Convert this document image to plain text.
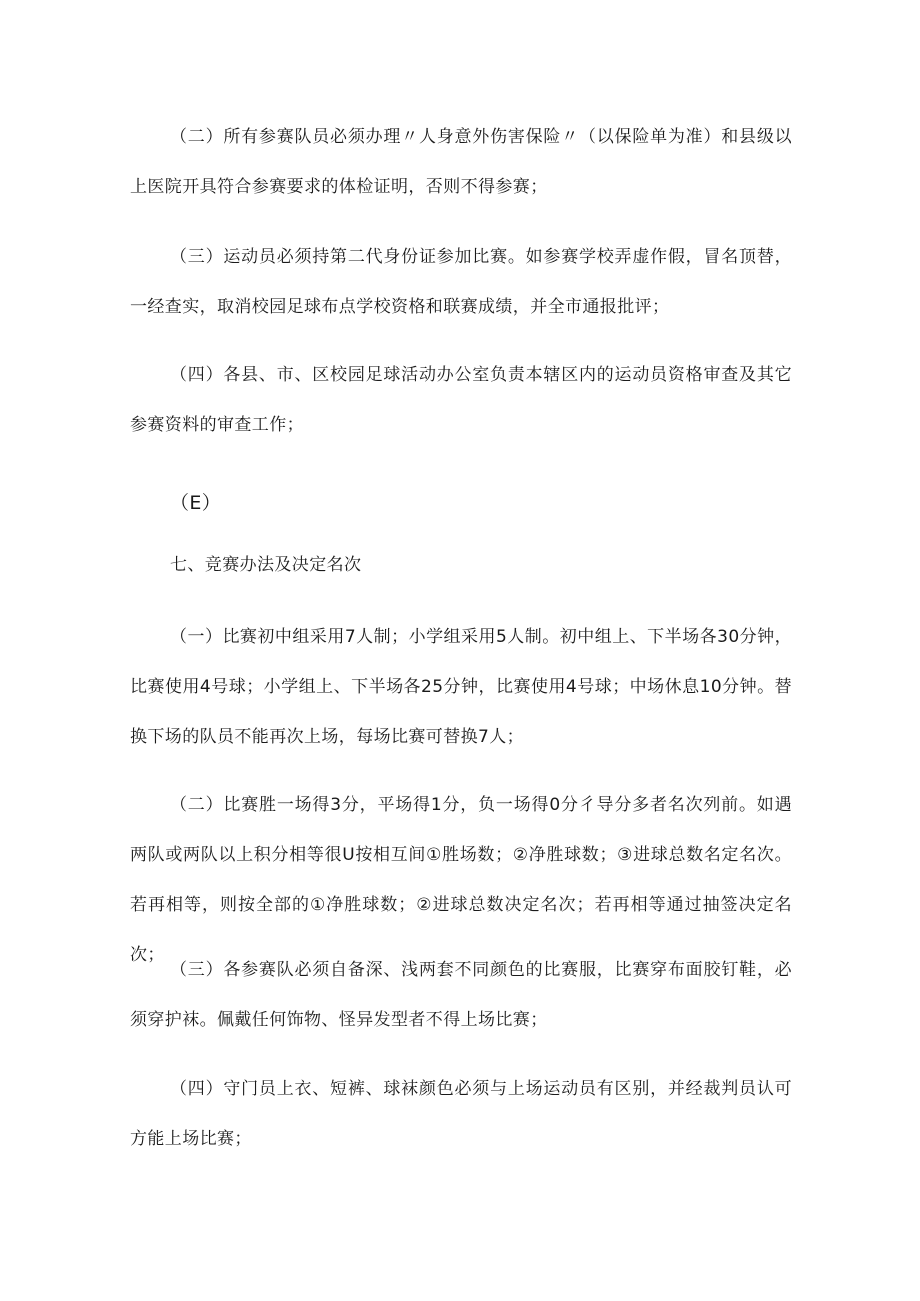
（二）所有参赛队员必须办理〃人身意外伤害保险〃（以保险单为准）和县级以上医院开具符合参赛要求的体检证明，否则不得参赛；

（三）运动员必须持第二代身份证参加比赛。如参赛学校弄虚作假，冒名顶替，一经查实，取消校园足球布点学校资格和联赛成绩，并全市通报批评；

（四）各县、市、区校园足球活动办公室负责本辖区内的运动员资格审查及其它参赛资料的审查工作；

（E）

七、竞赛办法及决定名次

（一）比赛初中组采用7人制；小学组采用5人制。初中组上、下半场各30分钟，比赛使用4号球；小学组上、下半场各25分钟，比赛使用4号球；中场休息10分钟。替换下场的队员不能再次上场，每场比赛可替换7人；

（二）比赛胜一场得3分，平场得1分，负一场得0分彳导分多者名次列前。如遇两队或两队以上积分相等很U按相互间①胜场数；②净胜球数；③进球总数名定名次。若再相等，则按全部的①净胜球数；②进球总数决定名次；若再相等通过抽签决定名次；

（三）各参赛队必须自备深、浅两套不同颜色的比赛服，比赛穿布面胶钉鞋，必须穿护袜。佩戴任何饰物、怪异发型者不得上场比赛；

（四）守门员上衣、短裤、球袜颜色必须与上场运动员有区别，并经裁判员认可方能上场比赛；
